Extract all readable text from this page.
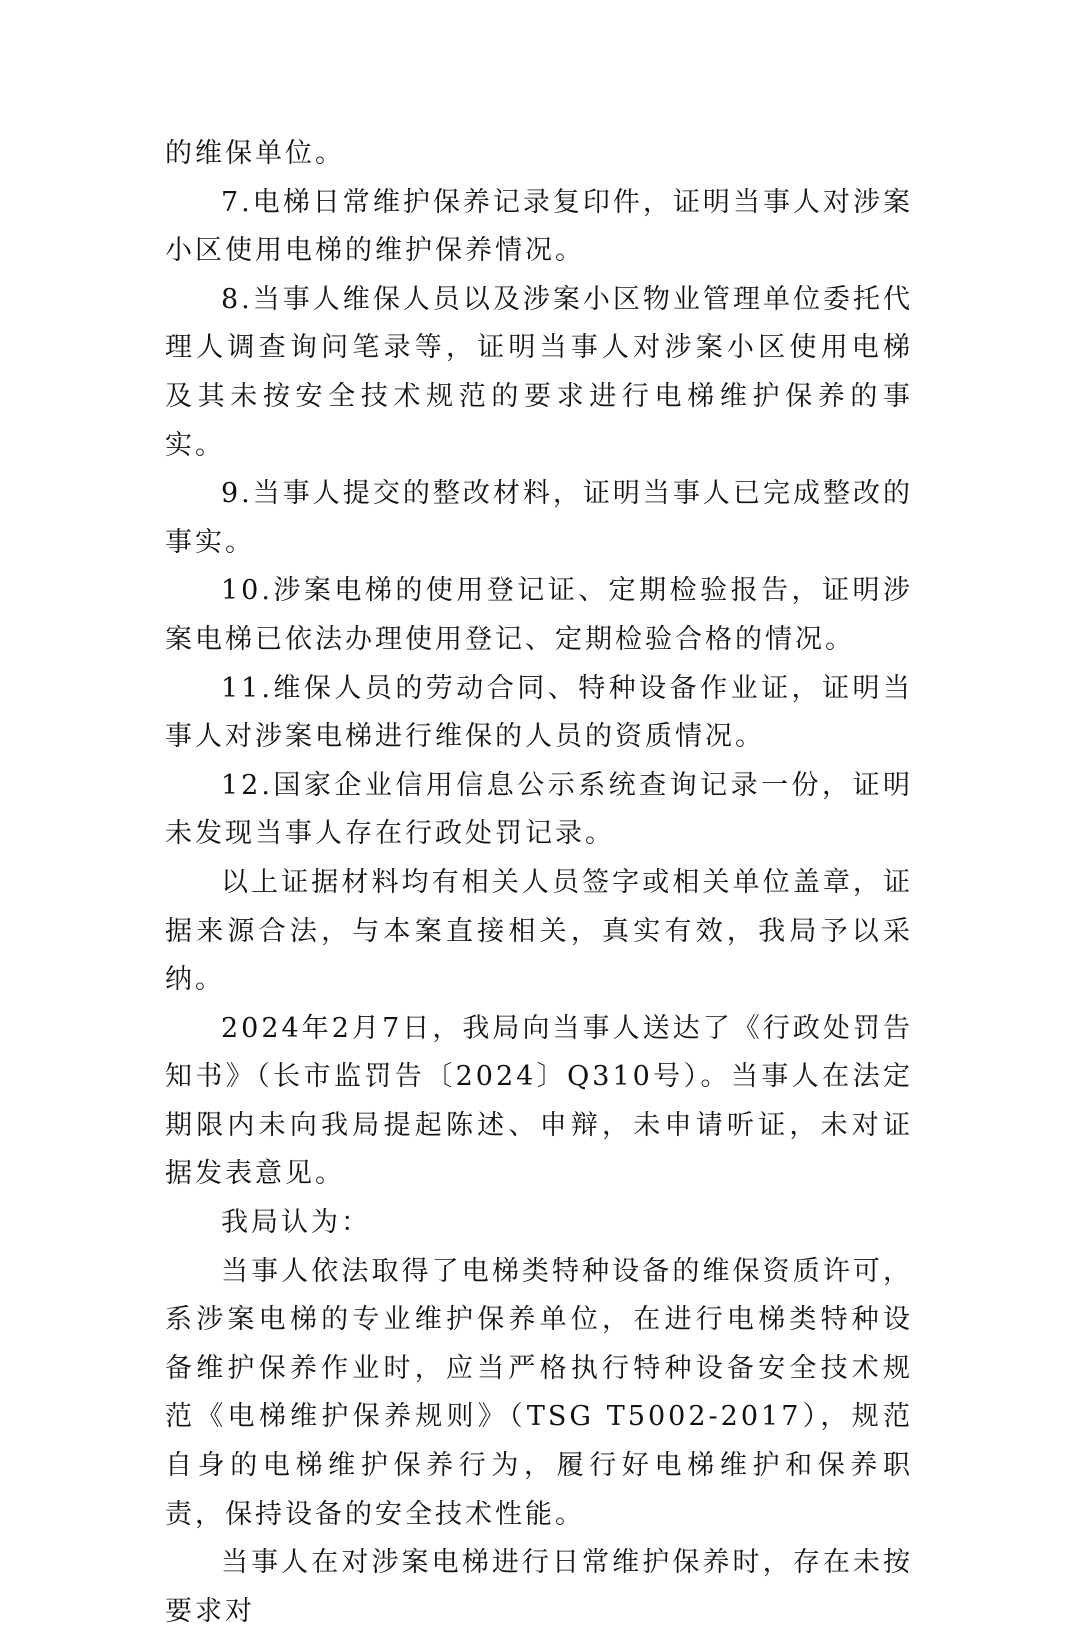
的维保单位。

7.电梯日常维护保养记录复印件，证明当事人对涉案小区使用电梯的维护保养情况。

8.当事人维保人员以及涉案小区物业管理单位委托代理人调查询问笔录等，证明当事人对涉案小区使用电梯及其未按安全技术规范的要求进行电梯维护保养的事实。

9.当事人提交的整改材料，证明当事人已完成整改的事实。

10.涉案电梯的使用登记证、定期检验报告，证明涉案电梯已依法办理使用登记、定期检验合格的情况。

11.维保人员的劳动合同、特种设备作业证，证明当事人对涉案电梯进行维保的人员的资质情况。

12.国家企业信用信息公示系统查询记录一份，证明未发现当事人存在行政处罚记录。

以上证据材料均有相关人员签字或相关单位盖章，证据来源合法，与本案直接相关，真实有效，我局予以采纳。

2024年2月7日，我局向当事人送达了《行政处罚告知书》（长市监罚告〔2024〕Q310号）。当事人在法定期限内未向我局提起陈述、申辩，未申请听证，未对证据发表意见。

我局认为：

当事人依法取得了电梯类特种设备的维保资质许可，系涉案电梯的专业维护保养单位，在进行电梯类特种设备维护保养作业时，应当严格执行特种设备安全技术规范《电梯维护保养规则》（TSG T5002-2017），规范自身的电梯维护保养行为，履行好电梯维护和保养职责，保持设备的安全技术性能。

当事人在对涉案电梯进行日常维护保养时，存在未按要求对
